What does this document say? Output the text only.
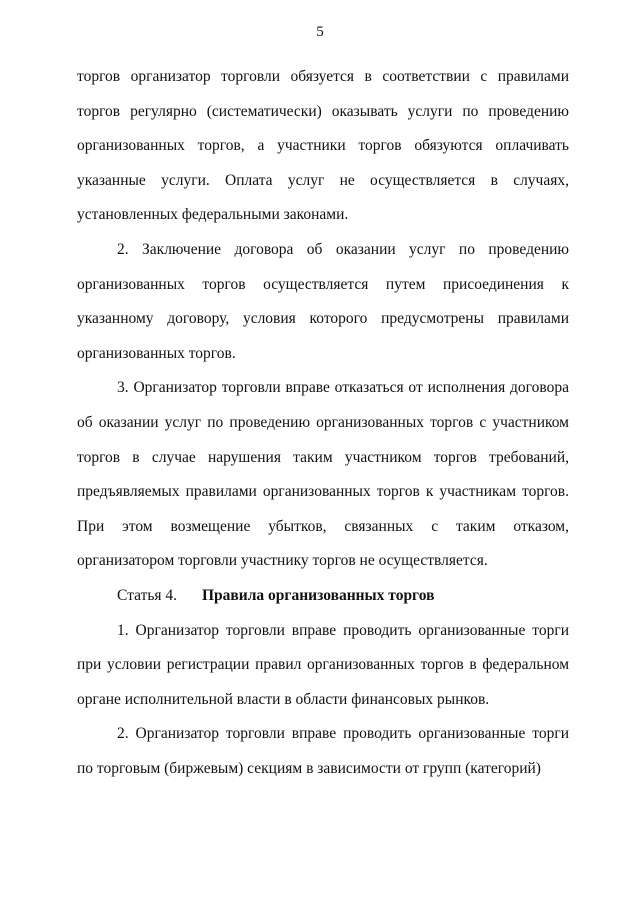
5

торгов организатор торговли обязуется в соответствии с правилами торгов регулярно (систематически) оказывать услуги по проведению организованных торгов, а участники торгов обязуются оплачивать указанные услуги. Оплата услуг не осуществляется в случаях, установленных федеральными законами.

2. Заключение договора об оказании услуг по проведению организованных торгов осуществляется путем присоединения к указанному договору, условия которого предусмотрены правилами организованных торгов.

3. Организатор торговли вправе отказаться от исполнения договора об оказании услуг по проведению организованных торгов с участником торгов в случае нарушения таким участником торгов требований, предъявляемых правилами организованных торгов к участникам торгов. При этом возмещение убытков, связанных с таким отказом, организатором торговли участнику торгов не осуществляется.

Статья 4. Правила организованных торгов

1. Организатор торговли вправе проводить организованные торги при условии регистрации правил организованных торгов в федеральном органе исполнительной власти в области финансовых рынков.

2. Организатор торговли вправе проводить организованные торги по торговым (биржевым) секциям в зависимости от групп (категорий)
